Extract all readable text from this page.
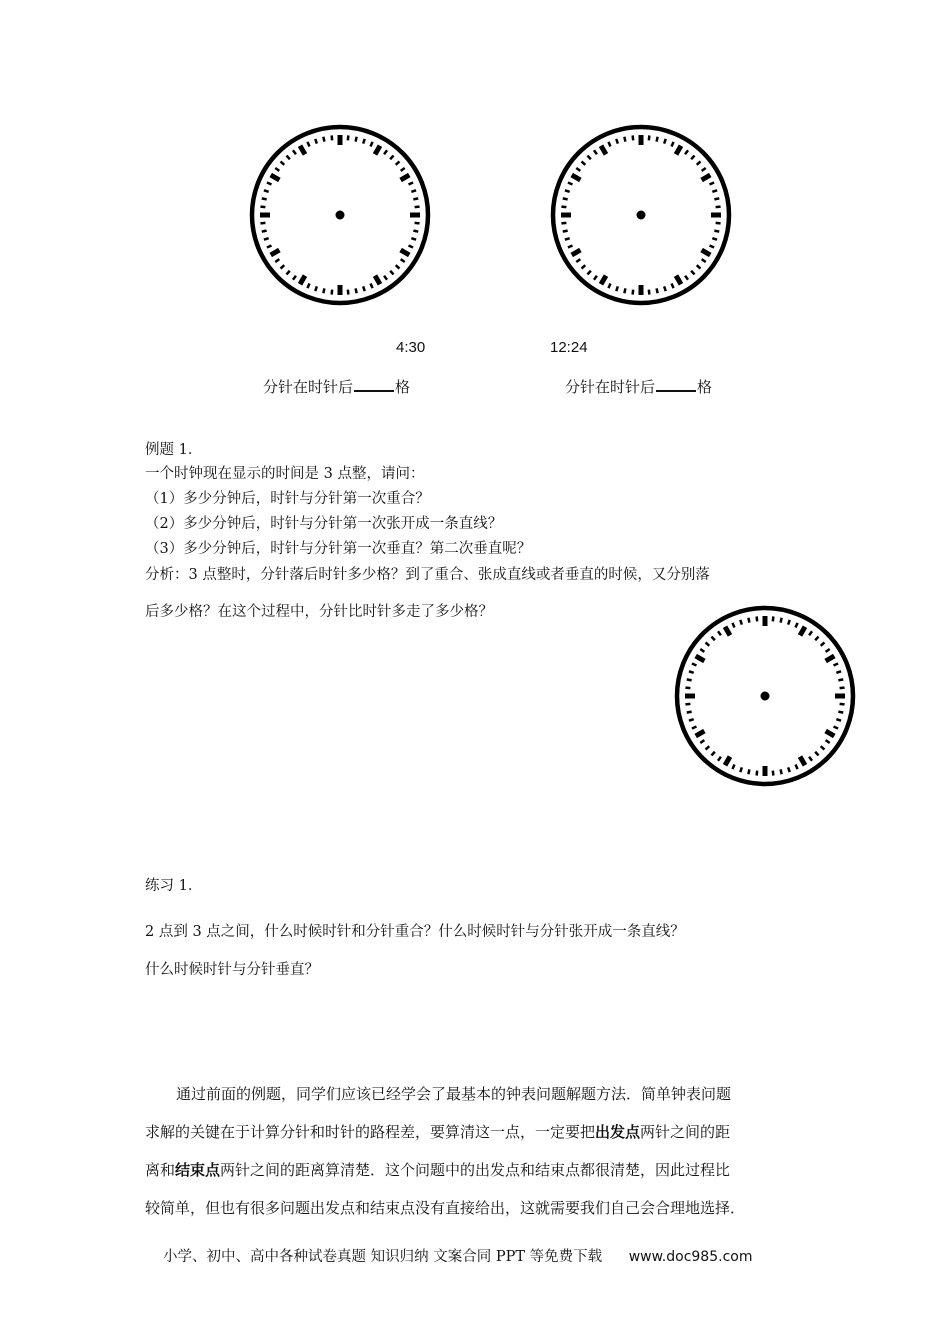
4:30	12:24
分针在时针后	格	分针在时针后	格
例题 1．
一个时钟现在显示的时间是 3 点整，请问：
（1）多少分钟后，时针与分针第一次重合？
（2）多少分钟后，时针与分针第一次张开成一条直线？
（3）多少分钟后，时针与分针第一次垂直？第二次垂直呢？
分析：3 点整时，分针落后时针多少格？到了重合、张成直线或者垂直的时候，又分别落
后多少格？在这个过程中，分针比时针多走了多少格？
练习 1．
2 点到 3 点之间，什么时候时针和分针重合？什么时候时针与分针张开成一条直线？
什么时候时针与分针垂直？
通过前面的例题，同学们应该已经学会了最基本的钟表问题解题方法．简单钟表问题
求解的关键在于计算分针和时针的路程差，要算清这一点，一定要把出发点两针之间的距
离和结束点两针之间的距离算清楚．这个问题中的出发点和结束点都很清楚，因此过程比
较简单，但也有很多问题出发点和结束点没有直接给出，这就需要我们自己会合理地选择．
小学、初中、高中各种试卷真题 知识归纳 文案合同 PPT 等免费下载 www.doc985.com
